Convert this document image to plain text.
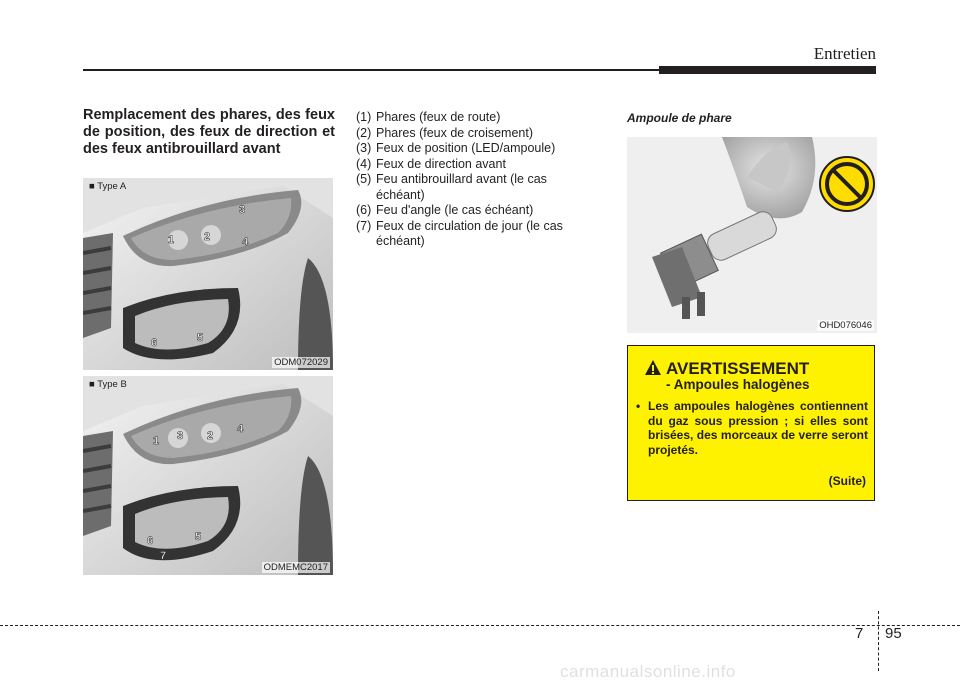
Entretien
Remplacement des phares, des feux de position, des feux de direction et des feux antibrouillard avant
3
1	2	4
5
6
■ Type A
ODM072029
1	2
3
4
5
6
7
■ Type B
ODMEMC2017
(1) Phares (feux de route)
(2) Phares (feux de croisement)
(3) Feux de position (LED/ampoule)
(4) Feux de direction avant
(5) Feu antibrouillard avant (le cas échéant)
(6) Feu d'angle (le cas échéant)
(7) Feux de circulation de jour (le cas échéant)
Ampoule de phare
OHD076046
AVERTISSEMENT
- Ampoules halogènes
• Les ampoules halogènes contiennent du gaz sous pression ; si elles sont brisées, des morceaux de verre seront projetés.
(Suite)
7 95
carmanualsonline.info
